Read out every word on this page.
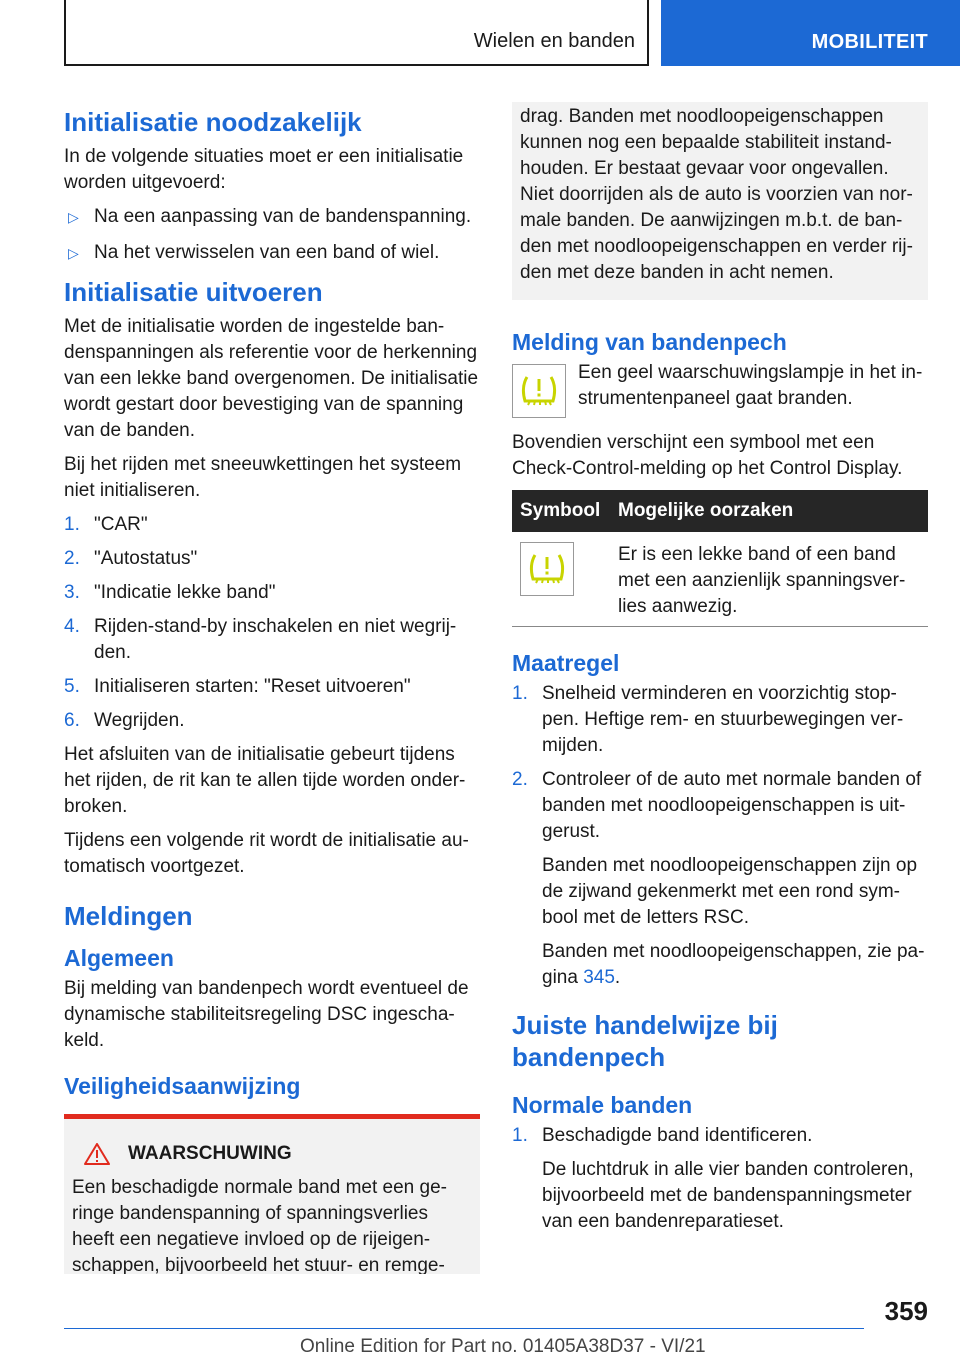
Wielen en banden	MOBILITEIT
Initialisatie noodzakelijk

In de volgende situaties moet er een initialisatie worden uitgevoerd:

▷ Na een aanpassing van de bandenspanning.
▷ Na het verwisselen van een band of wiel.
Initialisatie uitvoeren

Met de initialisatie worden de ingestelde ban-denspanningen als referentie voor de herkenning van een lekke band overgenomen. De initialisatie wordt gestart door bevestiging van de spanning van de banden.

Bij het rijden met sneeuwkettingen het systeem niet initialiseren.

1. "CAR"
2. "Autostatus"
3. "Indicatie lekke band"
4. Rijden-stand-by inschakelen en niet wegrij-den.
5. Initialiseren starten: "Reset uitvoeren"
6. Wegrijden.

Het afsluiten van de initialisatie gebeurt tijdens het rijden, de rit kan te allen tijde worden onder-broken.

Tijdens een volgende rit wordt de initialisatie au-tomatisch voortgezet.

Meldingen
Algemeen

Bij melding van bandenpech wordt eventueel de dynamische stabiliteitsregeling DSC ingescha-keld.

Veiligheidsaanwijzing
WAARSCHUWING

Een beschadigde normale band met een ge-ringe bandenspanning of spanningsverlies heeft een negatieve invloed op de rijeigen-schappen, bijvoorbeeld het stuur- en remge-

drag. Banden met noodloopeigenschappen kunnen nog een bepaalde stabiliteit instand-houden. Er bestaat gevaar voor ongevallen. Niet doorrijden als de auto is voorzien van nor-male banden. De aanwijzingen m.b.t. de ban-den met noodloopeigenschappen en verder rij-den met deze banden in acht nemen.

Melding van bandenpech

Een geel waarschuwingslampje in het in-strumentenpaneel gaat branden.

Bovendien verschijnt een symbool met een Check-Control-melding op het Control Display.

Symbool	Mogelijke oorzaken

	Er is een lekke band of een band met een aanzienlijk spanningsver-lies aanwezig.
Maatregel
1. Snelheid verminderen en voorzichtig stop-pen. Heftige rem- en stuurbewegingen ver-mijden.
2. Controleer of de auto met normale banden of banden met noodloopeigenschappen is uit-gerust.

Banden met noodloopeigenschappen zijn op de zijwand gekenmerkt met een rond sym-bool met de letters RSC.

Banden met noodloopeigenschappen, zie pa-gina 345.

Juiste handelwijze bij bandenpech
Normale banden
1. Beschadigde band identificeren.

De luchtdruk in alle vier banden controleren, bijvoorbeeld met de bandenspanningsmeter van een bandenreparatieset.

359
Online Edition for Part no. 01405A38D37 - VI/21
